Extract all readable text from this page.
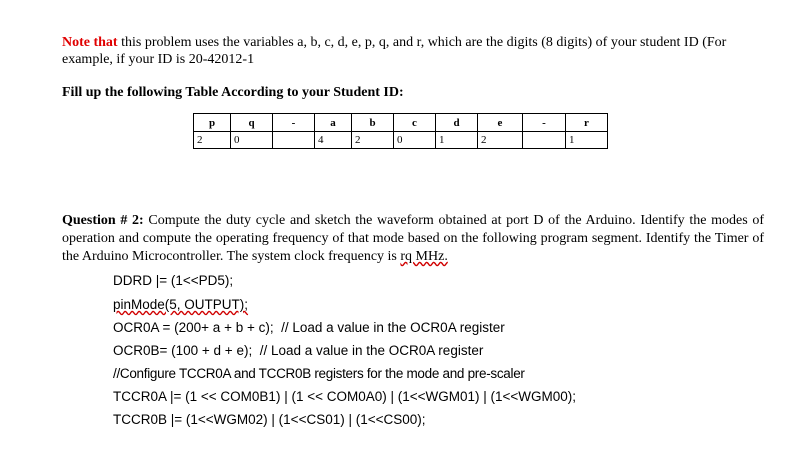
Note that this problem uses the variables a, b, c, d, e, p, q, and r, which are the digits (8 digits) of your student ID (For example, if your ID is 20-42012-1
Fill up the following Table According to your Student ID:
p	q	-	a	b	c	d	e	-	r
2	0		4	2	0	1	2		1
Question # 2: Compute the duty cycle and sketch the waveform obtained at port D of the Arduino. Identify the modes of operation and compute the operating frequency of that mode based on the following program segment. Identify the Timer of the Arduino Microcontroller. The system clock frequency is rq MHz.
DDRD |= (1<<PD5);
pinMode(5, OUTPUT);
OCR0A = (200+ a + b + c);  // Load a value in the OCR0A register
OCR0B= (100 + d + e);  // Load a value in the OCR0A register
//Configure TCCR0A and TCCR0B registers for the mode and pre-scaler
TCCR0A |= (1 << COM0B1) | (1 << COM0A0) | (1<<WGM01) | (1<<WGM00);
TCCR0B |= (1<<WGM02) | (1<<CS01) | (1<<CS00);
